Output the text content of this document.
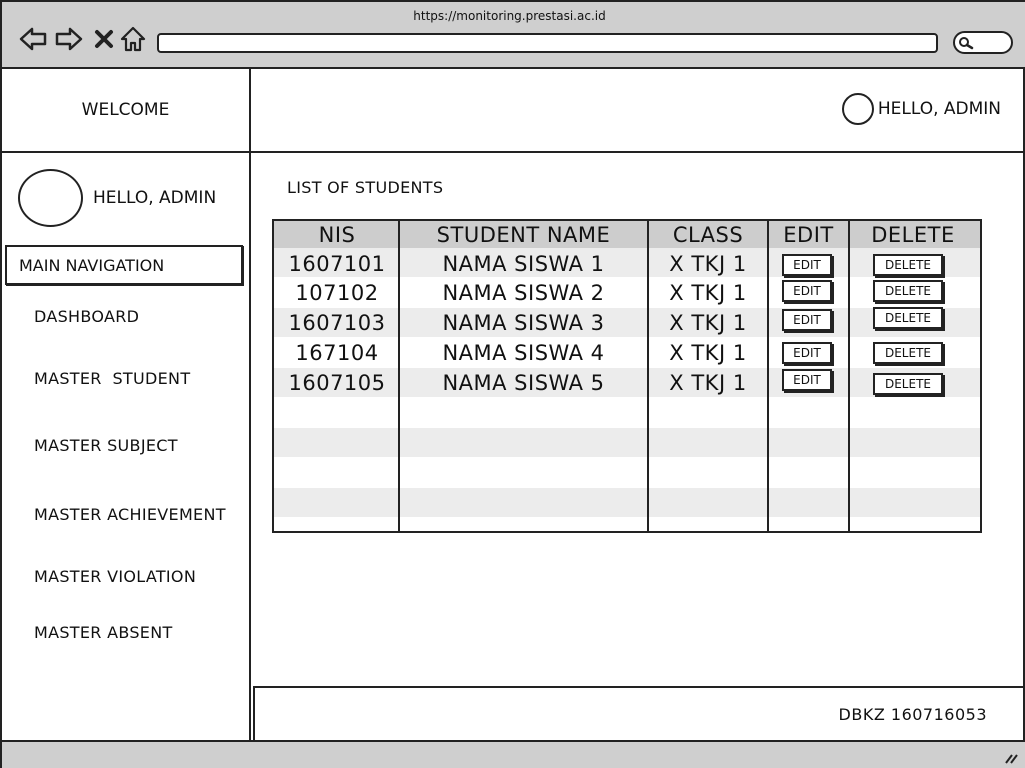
https://monitoring.prestasi.ac.id
WELCOME	HELLO, ADMIN
HELLO, ADMIN
MAIN NAVIGATION
DASHBOARD
MASTER  STUDENT
MASTER SUBJECT
MASTER ACHIEVEMENT
MASTER VIOLATION
MASTER ABSENT
LIST OF STUDENTS
NIS	STUDENT NAME	CLASS	EDIT	DELETE
1607101	NAMA SISWA 1	X TKJ 1	EDIT	DELETE
107102	NAMA SISWA 2	X TKJ 1	EDIT	DELETE
1607103	NAMA SISWA 3	X TKJ 1	EDIT	DELETE
167104	NAMA SISWA 4	X TKJ 1	EDIT	DELETE
1607105	NAMA SISWA 5	X TKJ 1	EDIT	DELETE
DBKZ 160716053
